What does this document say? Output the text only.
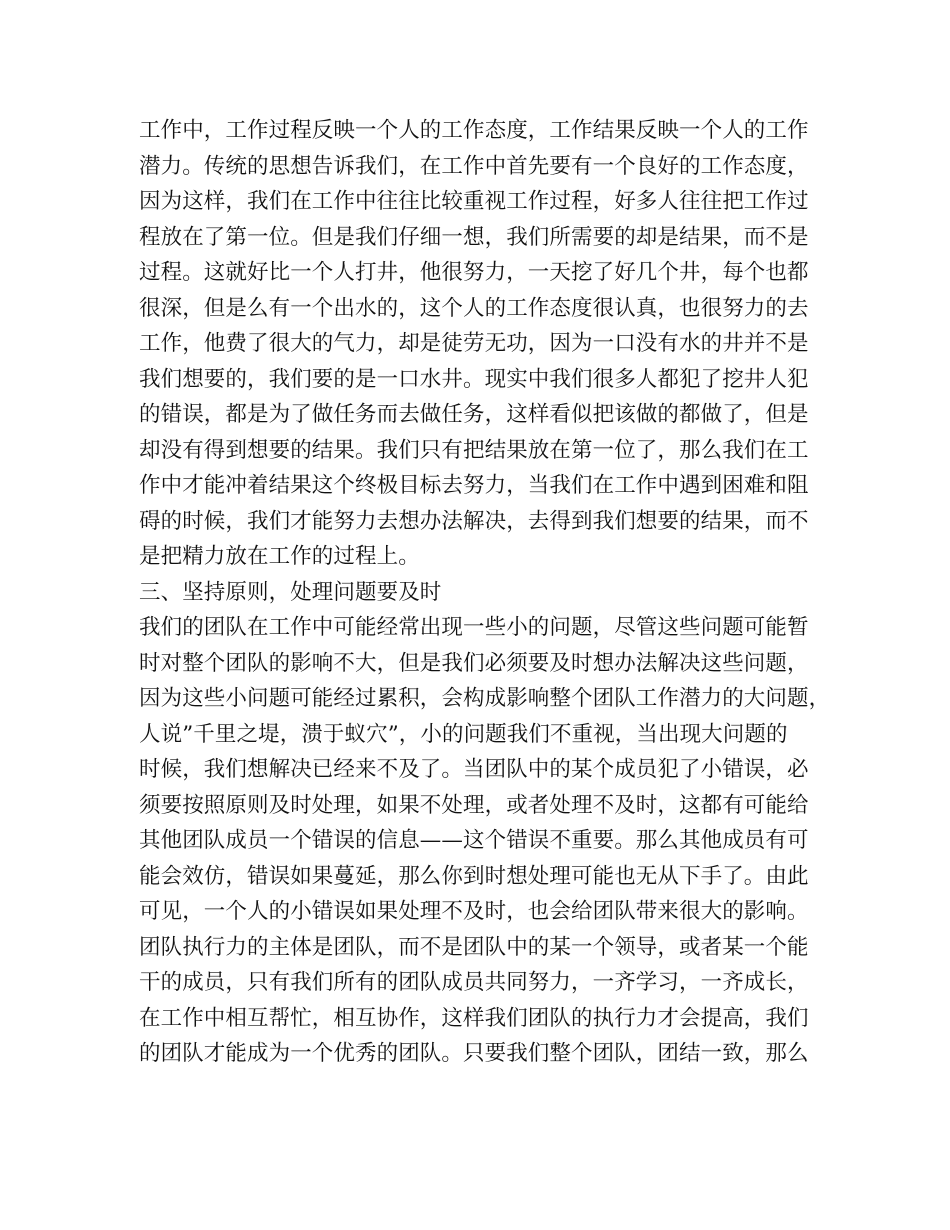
工作中，工作过程反映一个人的工作态度，工作结果反映一个人的工作
潜力。传统的思想告诉我们，在工作中首先要有一个良好的工作态度，
因为这样，我们在工作中往往比较重视工作过程，好多人往往把工作过
程放在了第一位。但是我们仔细一想，我们所需要的却是结果，而不是
过程。这就好比一个人打井，他很努力，一天挖了好几个井，每个也都
很深，但是么有一个出水的，这个人的工作态度很认真，也很努力的去
工作，他费了很大的气力，却是徒劳无功，因为一口没有水的井并不是
我们想要的，我们要的是一口水井。现实中我们很多人都犯了挖井人犯
的错误，都是为了做任务而去做任务，这样看似把该做的都做了，但是
却没有得到想要的结果。我们只有把结果放在第一位了，那么我们在工
作中才能冲着结果这个终极目标去努力，当我们在工作中遇到困难和阻
碍的时候，我们才能努力去想办法解决，去得到我们想要的结果，而不
是把精力放在工作的过程上。
三、坚持原则，处理问题要及时
我们的团队在工作中可能经常出现一些小的问题，尽管这些问题可能暂
时对整个团队的影响不大，但是我们必须要及时想办法解决这些问题，
因为这些小问题可能经过累积，会构成影响整个团队工作潜力的大问题，
人说”千里之堤，溃于蚁穴”，小的问题我们不重视，当出现大问题的
时候，我们想解决已经来不及了。当团队中的某个成员犯了小错误，必
须要按照原则及时处理，如果不处理，或者处理不及时，这都有可能给
其他团队成员一个错误的信息——这个错误不重要。那么其他成员有可
能会效仿，错误如果蔓延，那么你到时想处理可能也无从下手了。由此
可见，一个人的小错误如果处理不及时，也会给团队带来很大的影响。
团队执行力的主体是团队，而不是团队中的某一个领导，或者某一个能
干的成员，只有我们所有的团队成员共同努力，一齐学习，一齐成长，
在工作中相互帮忙，相互协作，这样我们团队的执行力才会提高，我们
的团队才能成为一个优秀的团队。只要我们整个团队，团结一致，那么
